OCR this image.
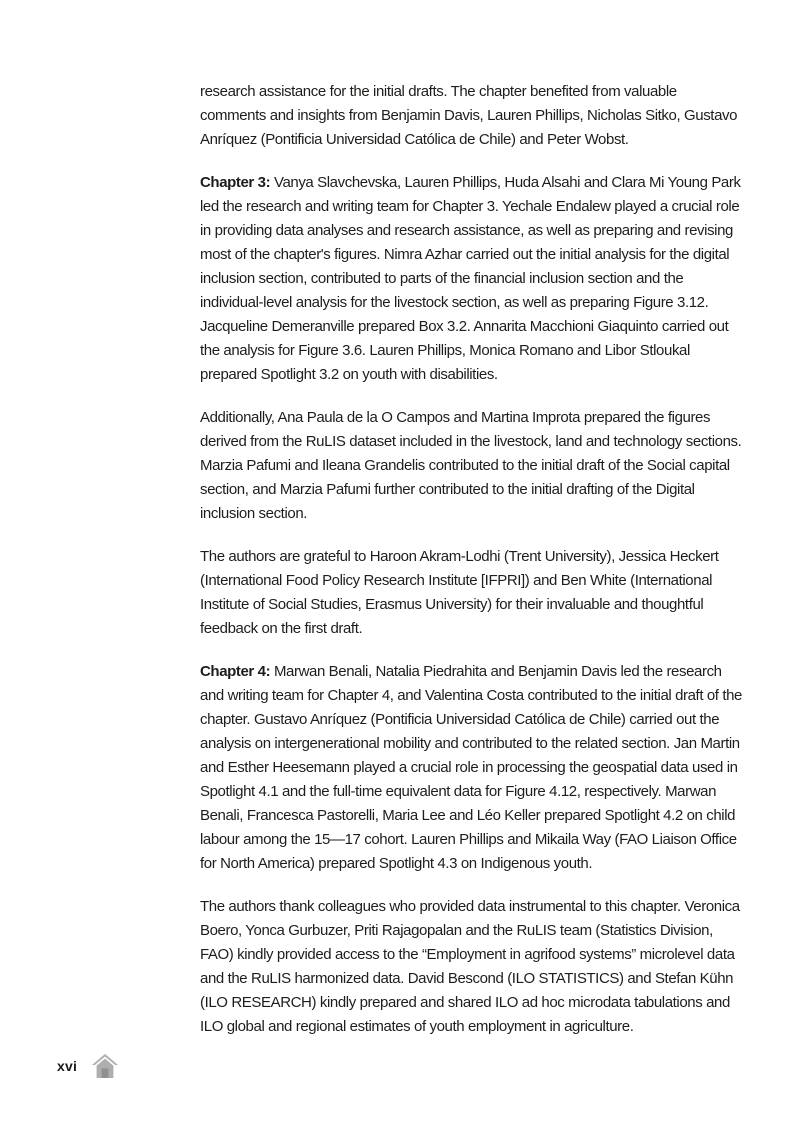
research assistance for the initial drafts. The chapter benefited from valuable comments and insights from Benjamin Davis, Lauren Phillips, Nicholas Sitko, Gustavo Anríquez (Pontificia Universidad Católica de Chile) and Peter Wobst.

Chapter 3: Vanya Slavchevska, Lauren Phillips, Huda Alsahi and Clara Mi Young Park led the research and writing team for Chapter 3. Yechale Endalew played a crucial role in providing data analyses and research assistance, as well as preparing and revising most of the chapter's figures. Nimra Azhar carried out the initial analysis for the digital inclusion section, contributed to parts of the financial inclusion section and the individual-level analysis for the livestock section, as well as preparing Figure 3.12. Jacqueline Demeranville prepared Box 3.2. Annarita Macchioni Giaquinto carried out the analysis for Figure 3.6. Lauren Phillips, Monica Romano and Libor Stloukal prepared Spotlight 3.2 on youth with disabilities.

Additionally, Ana Paula de la O Campos and Martina Improta prepared the figures derived from the RuLIS dataset included in the livestock, land and technology sections. Marzia Pafumi and Ileana Grandelis contributed to the initial draft of the Social capital section, and Marzia Pafumi further contributed to the initial drafting of the Digital inclusion section.

The authors are grateful to Haroon Akram-Lodhi (Trent University), Jessica Heckert (International Food Policy Research Institute [IFPRI]) and Ben White (International Institute of Social Studies, Erasmus University) for their invaluable and thoughtful feedback on the first draft.

Chapter 4: Marwan Benali, Natalia Piedrahita and Benjamin Davis led the research and writing team for Chapter 4, and Valentina Costa contributed to the initial draft of the chapter. Gustavo Anríquez (Pontificia Universidad Católica de Chile) carried out the analysis on intergenerational mobility and contributed to the related section. Jan Martin and Esther Heesemann played a crucial role in processing the geospatial data used in Spotlight 4.1 and the full-time equivalent data for Figure 4.12, respectively. Marwan Benali, Francesca Pastorelli, Maria Lee and Léo Keller prepared Spotlight 4.2 on child labour among the 15—17 cohort. Lauren Phillips and Mikaila Way (FAO Liaison Office for North America) prepared Spotlight 4.3 on Indigenous youth.

The authors thank colleagues who provided data instrumental to this chapter. Veronica Boero, Yonca Gurbuzer, Priti Rajagopalan and the RuLIS team (Statistics Division, FAO) kindly provided access to the “Employment in agrifood systems” microlevel data and the RuLIS harmonized data. David Bescond (ILO STATISTICS) and Stefan Kühn (ILO RESEARCH) kindly prepared and shared ILO ad hoc microdata tabulations and ILO global and regional estimates of youth employment in agriculture.

xvi
